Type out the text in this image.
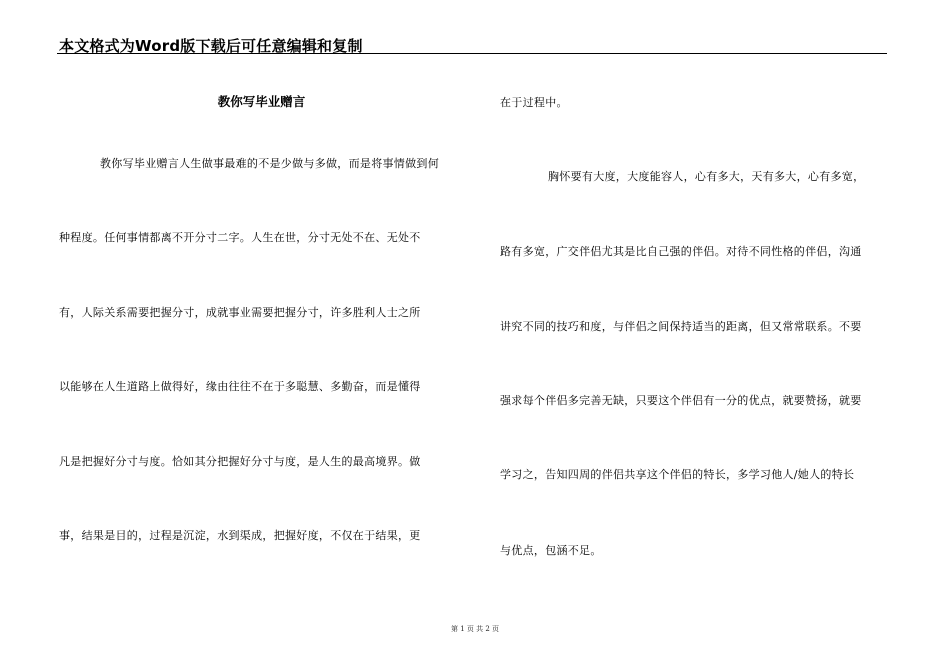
本文格式为Word版下载后可任意编辑和复制
教你写毕业赠言
教你写毕业赠言人生做事最难的不是少做与多做，而是将事情做到何
种程度。任何事情都离不开分寸二字。人生在世，分寸无处不在、无处不
有，人际关系需要把握分寸，成就事业需要把握分寸，许多胜利人士之所
以能够在人生道路上做得好，缘由往往不在于多聪慧、多勤奋，而是懂得
凡是把握好分寸与度。恰如其分把握好分寸与度，是人生的最高境界。做
事，结果是目的，过程是沉淀，水到渠成，把握好度，不仅在于结果，更
在于过程中。
胸怀要有大度，大度能容人，心有多大，天有多大，心有多宽，
路有多宽，广交伴侣尤其是比自己强的伴侣。对待不同性格的伴侣，沟通
讲究不同的技巧和度，与伴侣之间保持适当的距离，但又常常联系。不要
强求每个伴侣多完善无缺，只要这个伴侣有一分的优点，就要赞扬，就要
学习之，告知四周的伴侣共享这个伴侣的特长，多学习他人/她人的特长
与优点，包涵不足。
第 1 页 共 2 页
